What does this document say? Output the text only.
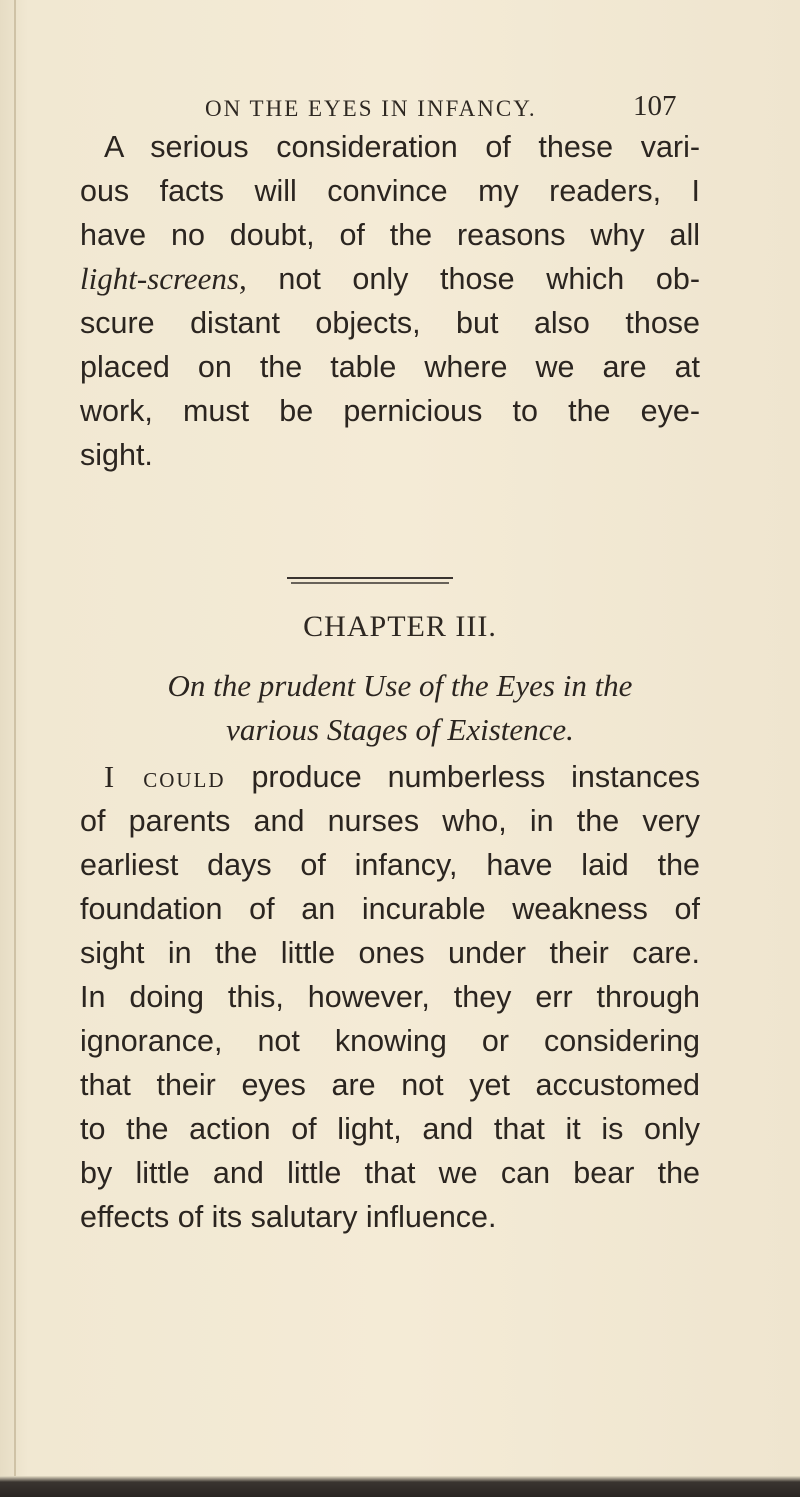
ON THE EYES IN INFANCY.	107
A serious consideration of these vari-
ous facts will convince my readers, I
have no doubt, of the reasons why all
light-screens, not only those which ob-
scure distant objects, but also those
placed on the table where we are at
work, must be pernicious to the eye-
sight.
CHAPTER III.
On the prudent Use of the Eyes in the
various Stages of Existence.
I could produce numberless instances
of parents and nurses who, in the very
earliest days of infancy, have laid the
foundation of an incurable weakness of
sight in the little ones under their care.
In doing this, however, they err through
ignorance, not knowing or considering
that their eyes are not yet accustomed
to the action of light, and that it is only
by little and little that we can bear the
effects of its salutary influence.
